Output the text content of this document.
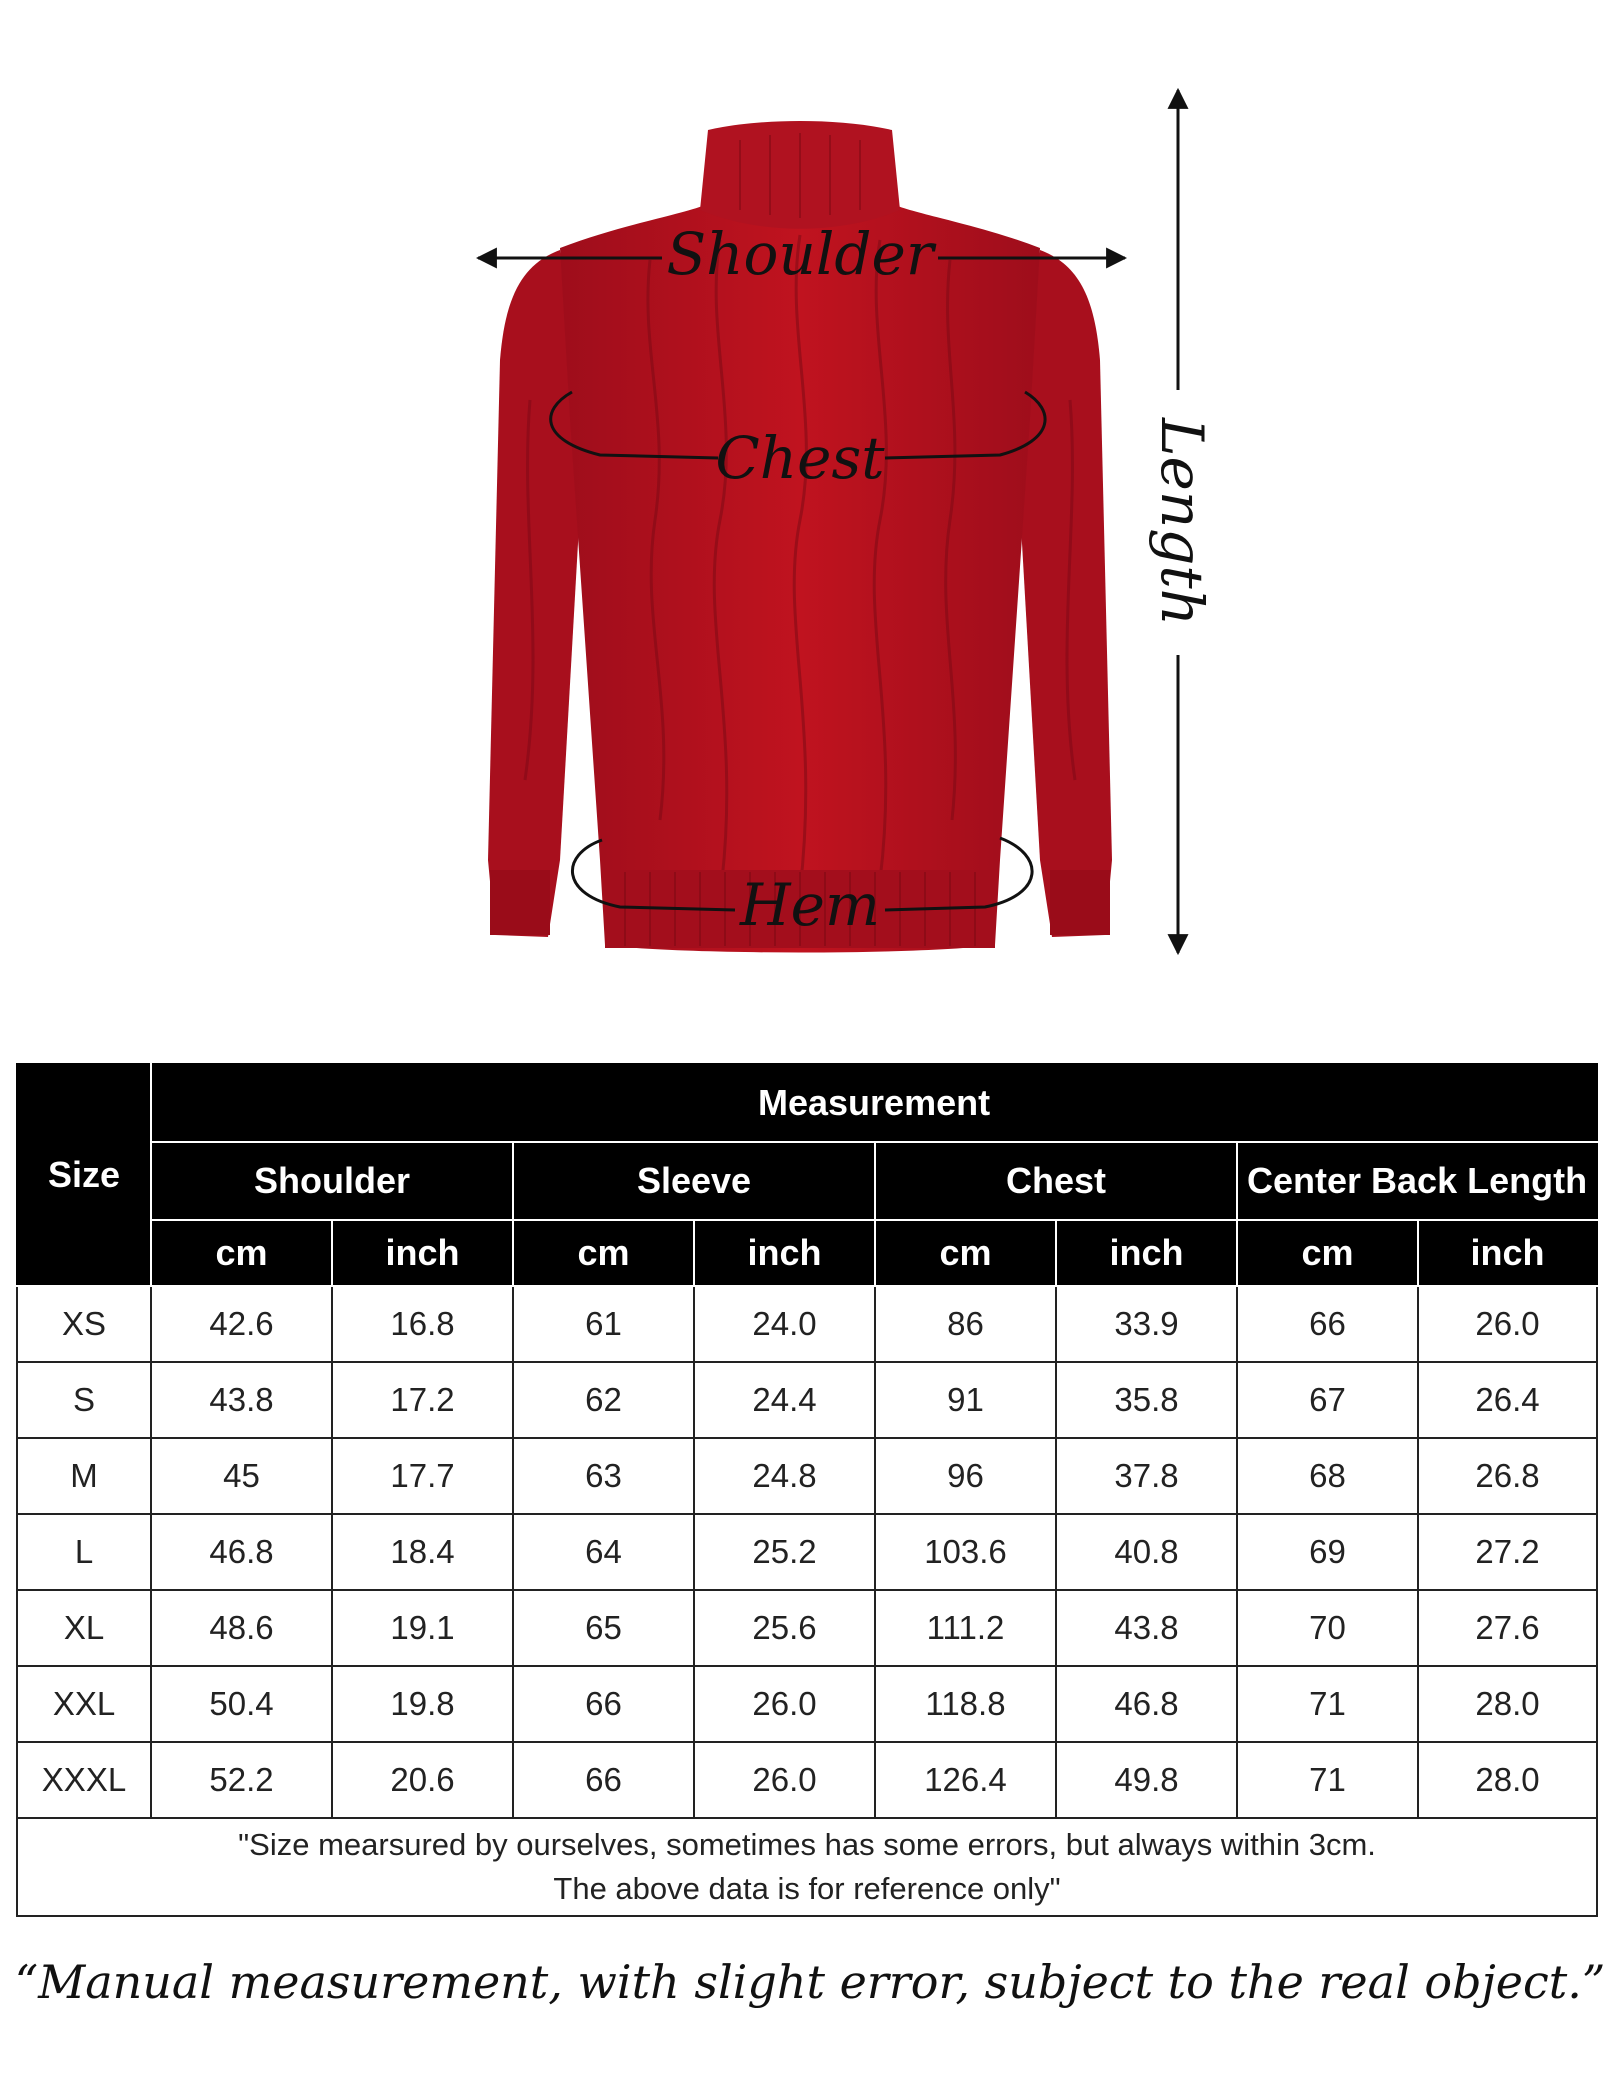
Shoulder
Chest
Hem
Length
Size	Measurement							
	Shoulder		Sleeve		Chest		Center Back Length	
	cm	inch	cm	inch	cm	inch	cm	inch
XS	42.6	16.8	61	24.0	86	33.9	66	26.0
S	43.8	17.2	62	24.4	91	35.8	67	26.4
M	45	17.7	63	24.8	96	37.8	68	26.8
L	46.8	18.4	64	25.2	103.6	40.8	69	27.2
XL	48.6	19.1	65	25.6	111.2	43.8	70	27.6
XXL	50.4	19.8	66	26.0	118.8	46.8	71	28.0
XXXL	52.2	20.6	66	26.0	126.4	49.8	71	28.0

"Size mearsured by ourselves, sometimes has some errors, but always within 3cm.
The above data is for reference only"								
“Manual measurement, with slight error, subject to the real object.”
